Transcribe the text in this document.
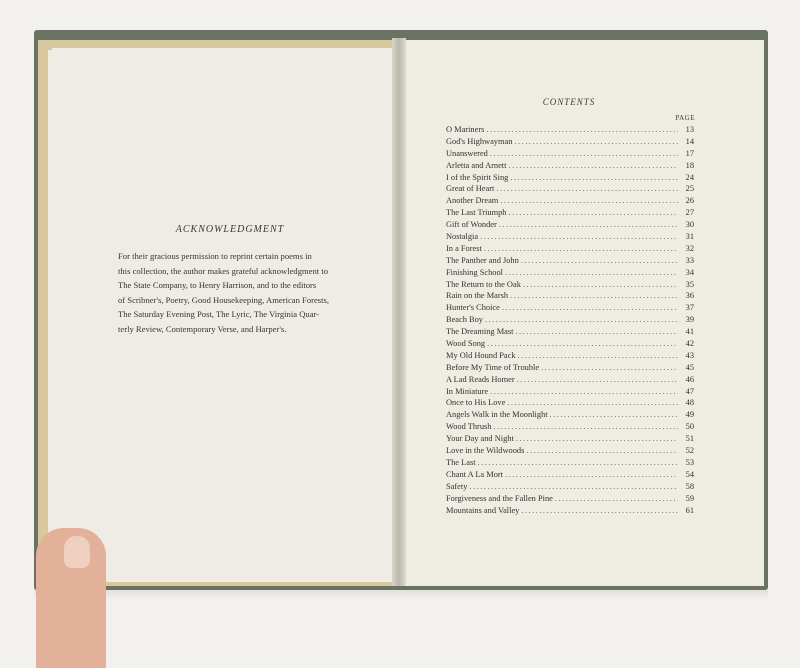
ACKNOWLEDGMENT
For their gracious permission to reprint certain poems in
this collection, the author makes grateful acknowledgment to
The State Company, to Henry Harrison, and to the editors
of Scribner's, Poetry, Good Housekeeping, American Forests,
The Saturday Evening Post, The Lyric, The Virginia Quar-
terly Review, Contemporary Verse, and Harper's.
CONTENTS
PAGE
O Mariners .....	13
God's Highwayman .....	14
Unanswered .....	17
Arletta and Arnett .....	18
I of the Spirit Sing .....	24
Great of Heart .....	25
Another Dream .....	26
The Last Triumph .....	27
Gift of Wonder .....	30
Nostalgia .....	31
In a Forest .....	32
The Panther and John .....	33
Finishing School .....	34
The Return to the Oak .....	35
Rain on the Marsh .....	36
Hunter's Choice .....	37
Beach Boy .....	39
The Dreaming Mast .....	41
Wood Song .....	42
My Old Hound Pack .....	43
Before My Time of Trouble .....	45
A Lad Reads Homer .....	46
In Miniature .....	47
Once to His Love .....	48
Angels Walk in the Moonlight .....	49
Wood Thrush .....	50
Your Day and Night .....	51
Love in the Wildwoods .....	52
The Last .....	53
Chant A La Mort .....	54
Safety .....	58
Forgiveness and the Fallen Pine .....	59
Mountains and Valley .....	61
